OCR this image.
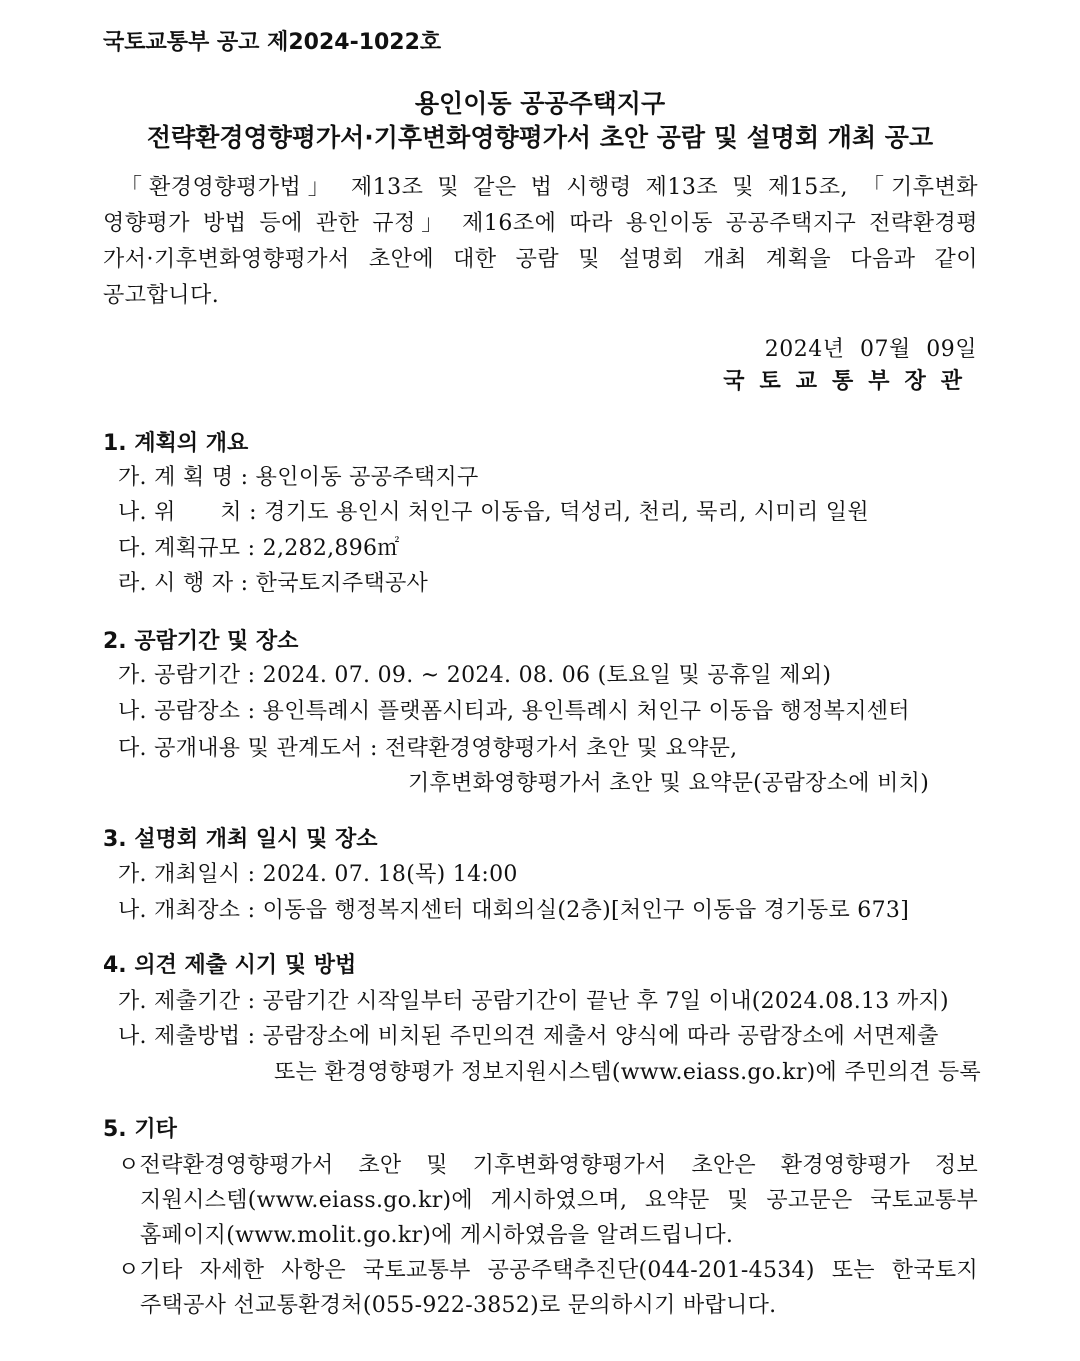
국토교통부 공고 제2024-1022호

용인이동 공공주택지구

전략환경영향평가서·기후변화영향평가서 초안 공람 및 설명회 개최 공고

「환경영향평가법」 제13조 및 같은 법 시행령 제13조 및 제15조, 「기후변화

영향평가 방법 등에 관한 규정」 제16조에 따라 용인이동 공공주택지구 전략환경평

가서·기후변화영향평가서 초안에 대한 공람 및 설명회 개최 계획을 다음과 같이

공고합니다.

2024년 07월 09일

국토교통부장관

1. 계획의 개요

가. 계 획 명 : 용인이동 공공주택지구

나. 위　　치 : 경기도 용인시 처인구 이동읍, 덕성리, 천리, 묵리, 시미리 일원

다. 계획규모 : 2,282,896㎡

라. 시 행 자 : 한국토지주택공사

2. 공람기간 및 장소

가. 공람기간 : 2024. 07. 09. ~ 2024. 08. 06 (토요일 및 공휴일 제외)

나. 공람장소 : 용인특례시 플랫폼시티과, 용인특례시 처인구 이동읍 행정복지센터

다. 공개내용 및 관계도서 : 전략환경영향평가서 초안 및 요약문,

기후변화영향평가서 초안 및 요약문(공람장소에 비치)

3. 설명회 개최 일시 및 장소

가. 개최일시 : 2024. 07. 18(목) 14:00

나. 개최장소 : 이동읍 행정복지센터 대회의실(2층)[처인구 이동읍 경기동로 673]

4. 의견 제출 시기 및 방법

가. 제출기간 : 공람기간 시작일부터 공람기간이 끝난 후 7일 이내(2024.08.13 까지)

나. 제출방법 : 공람장소에 비치된 주민의견 제출서 양식에 따라 공람장소에 서면제출

또는 환경영향평가 정보지원시스템(www.eiass.go.kr)에 주민의견 등록

5. 기타

ㅇ전략환경영향평가서 초안 및 기후변화영향평가서 초안은 환경영향평가 정보

지원시스템(www.eiass.go.kr)에 게시하였으며, 요약문 및 공고문은 국토교통부

홈페이지(www.molit.go.kr)에 게시하였음을 알려드립니다.

ㅇ기타 자세한 사항은 국토교통부 공공주택추진단(044-201-4534) 또는 한국토지

주택공사 선교통환경처(055-922-3852)로 문의하시기 바랍니다.
